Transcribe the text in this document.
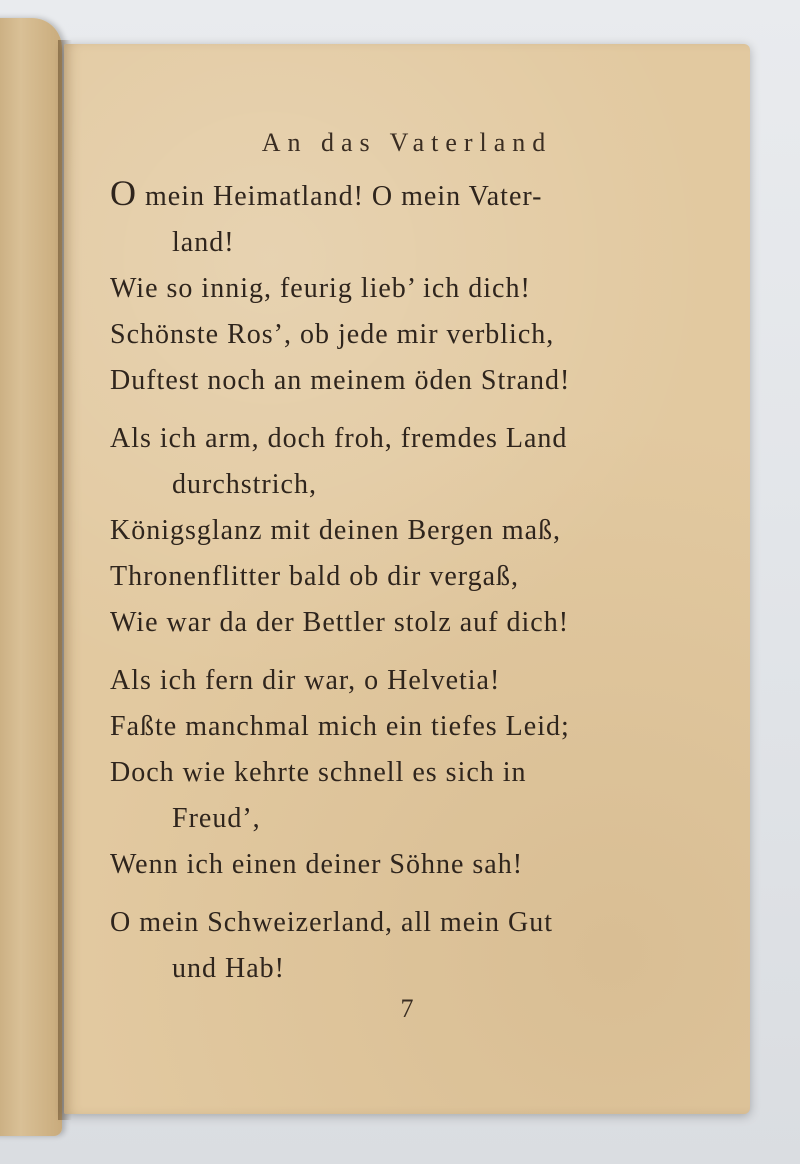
An das Vaterland
O mein Heimatland! O mein Vater-
land!
Wie so innig, feurig lieb’ ich dich!
Schönste Ros’, ob jede mir verblich,
Duftest noch an meinem öden Strand!
Als ich arm, doch froh, fremdes Land
durchstrich,
Königsglanz mit deinen Bergen maß,
Thronenflitter bald ob dir vergaß,
Wie war da der Bettler stolz auf dich!
Als ich fern dir war, o Helvetia!
Faßte manchmal mich ein tiefes Leid;
Doch wie kehrte schnell es sich in
Freud’,
Wenn ich einen deiner Söhne sah!
O mein Schweizerland, all mein Gut
und Hab!
7
